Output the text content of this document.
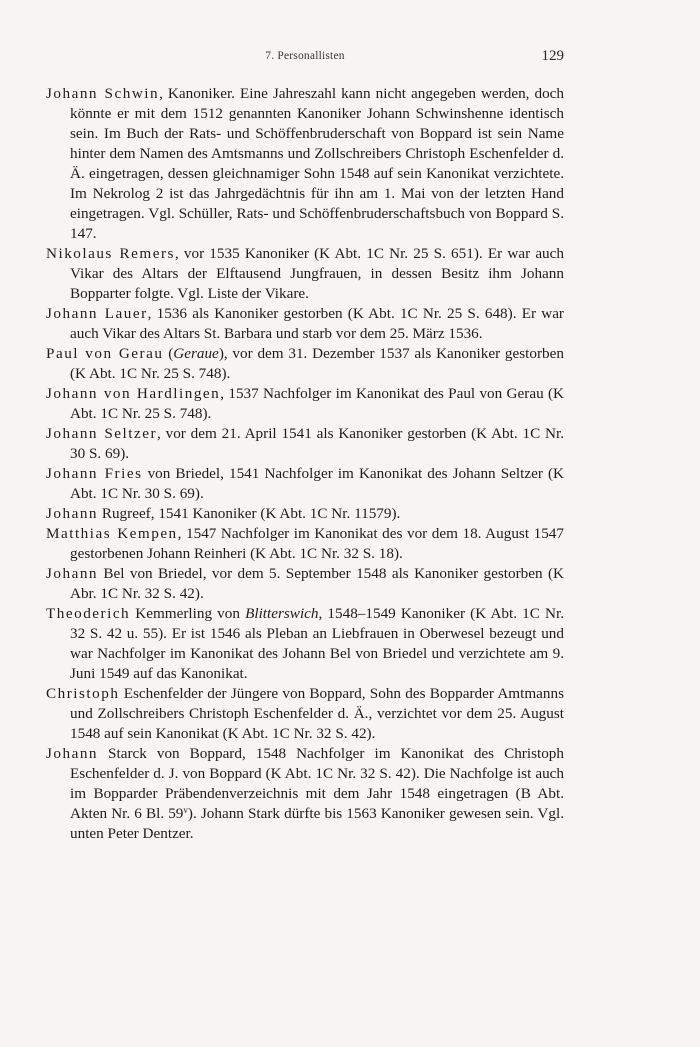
7. Personallisten	129

Johann Schwin, Kanoniker. Eine Jahreszahl kann nicht angegeben werden, doch könnte er mit dem 1512 genannten Kanoniker Johann Schwinshenne identisch sein. Im Buch der Rats- und Schöffenbruderschaft von Boppard ist sein Name hinter dem Namen des Amtsmanns und Zollschreibers Christoph Eschenfelder d. Ä. eingetragen, dessen gleichnamiger Sohn 1548 auf sein Kanonikat verzichtete. Im Nekrolog 2 ist das Jahrgedächtnis für ihn am 1. Mai von der letzten Hand eingetragen. Vgl. Schüller, Rats- und Schöffenbruderschaftsbuch von Boppard S. 147.

Nikolaus Remers, vor 1535 Kanoniker (K Abt. 1C Nr. 25 S. 651). Er war auch Vikar des Altars der Elftausend Jungfrauen, in dessen Besitz ihm Johann Bopparter folgte. Vgl. Liste der Vikare.

Johann Lauer, 1536 als Kanoniker gestorben (K Abt. 1C Nr. 25 S. 648). Er war auch Vikar des Altars St. Barbara und starb vor dem 25. März 1536.

Paul von Gerau (Geraue), vor dem 31. Dezember 1537 als Kanoniker gestorben (K Abt. 1C Nr. 25 S. 748).

Johann von Hardlingen, 1537 Nachfolger im Kanonikat des Paul von Gerau (K Abt. 1C Nr. 25 S. 748).

Johann Seltzer, vor dem 21. April 1541 als Kanoniker gestorben (K Abt. 1C Nr. 30 S. 69).

Johann Fries von Briedel, 1541 Nachfolger im Kanonikat des Johann Seltzer (K Abt. 1C Nr. 30 S. 69).

Johann Rugreef, 1541 Kanoniker (K Abt. 1C Nr. 11579).

Matthias Kempen, 1547 Nachfolger im Kanonikat des vor dem 18. August 1547 gestorbenen Johann Reinheri (K Abt. 1C Nr. 32 S. 18).

Johann Bel von Briedel, vor dem 5. September 1548 als Kanoniker gestorben (K Abr. 1C Nr. 32 S. 42).

Theoderich Kemmerling von Blitterswich, 1548–1549 Kanoniker (K Abt. 1C Nr. 32 S. 42 u. 55). Er ist 1546 als Pleban an Liebfrauen in Oberwesel bezeugt und war Nachfolger im Kanonikat des Johann Bel von Briedel und verzichtete am 9. Juni 1549 auf das Kanonikat.

Christoph Eschenfelder der Jüngere von Boppard, Sohn des Bopparder Amtmanns und Zollschreibers Christoph Eschenfelder d. Ä., verzichtet vor dem 25. August 1548 auf sein Kanonikat (K Abt. 1C Nr. 32 S. 42).

Johann Starck von Boppard, 1548 Nachfolger im Kanonikat des Christoph Eschenfelder d. J. von Boppard (K Abt. 1C Nr. 32 S. 42). Die Nachfolge ist auch im Bopparder Präbendenverzeichnis mit dem Jahr 1548 eingetragen (B Abt. Akten Nr. 6 Bl. 59$^v$). Johann Stark dürfte bis 1563 Kanoniker gewesen sein. Vgl. unten Peter Dentzer.
